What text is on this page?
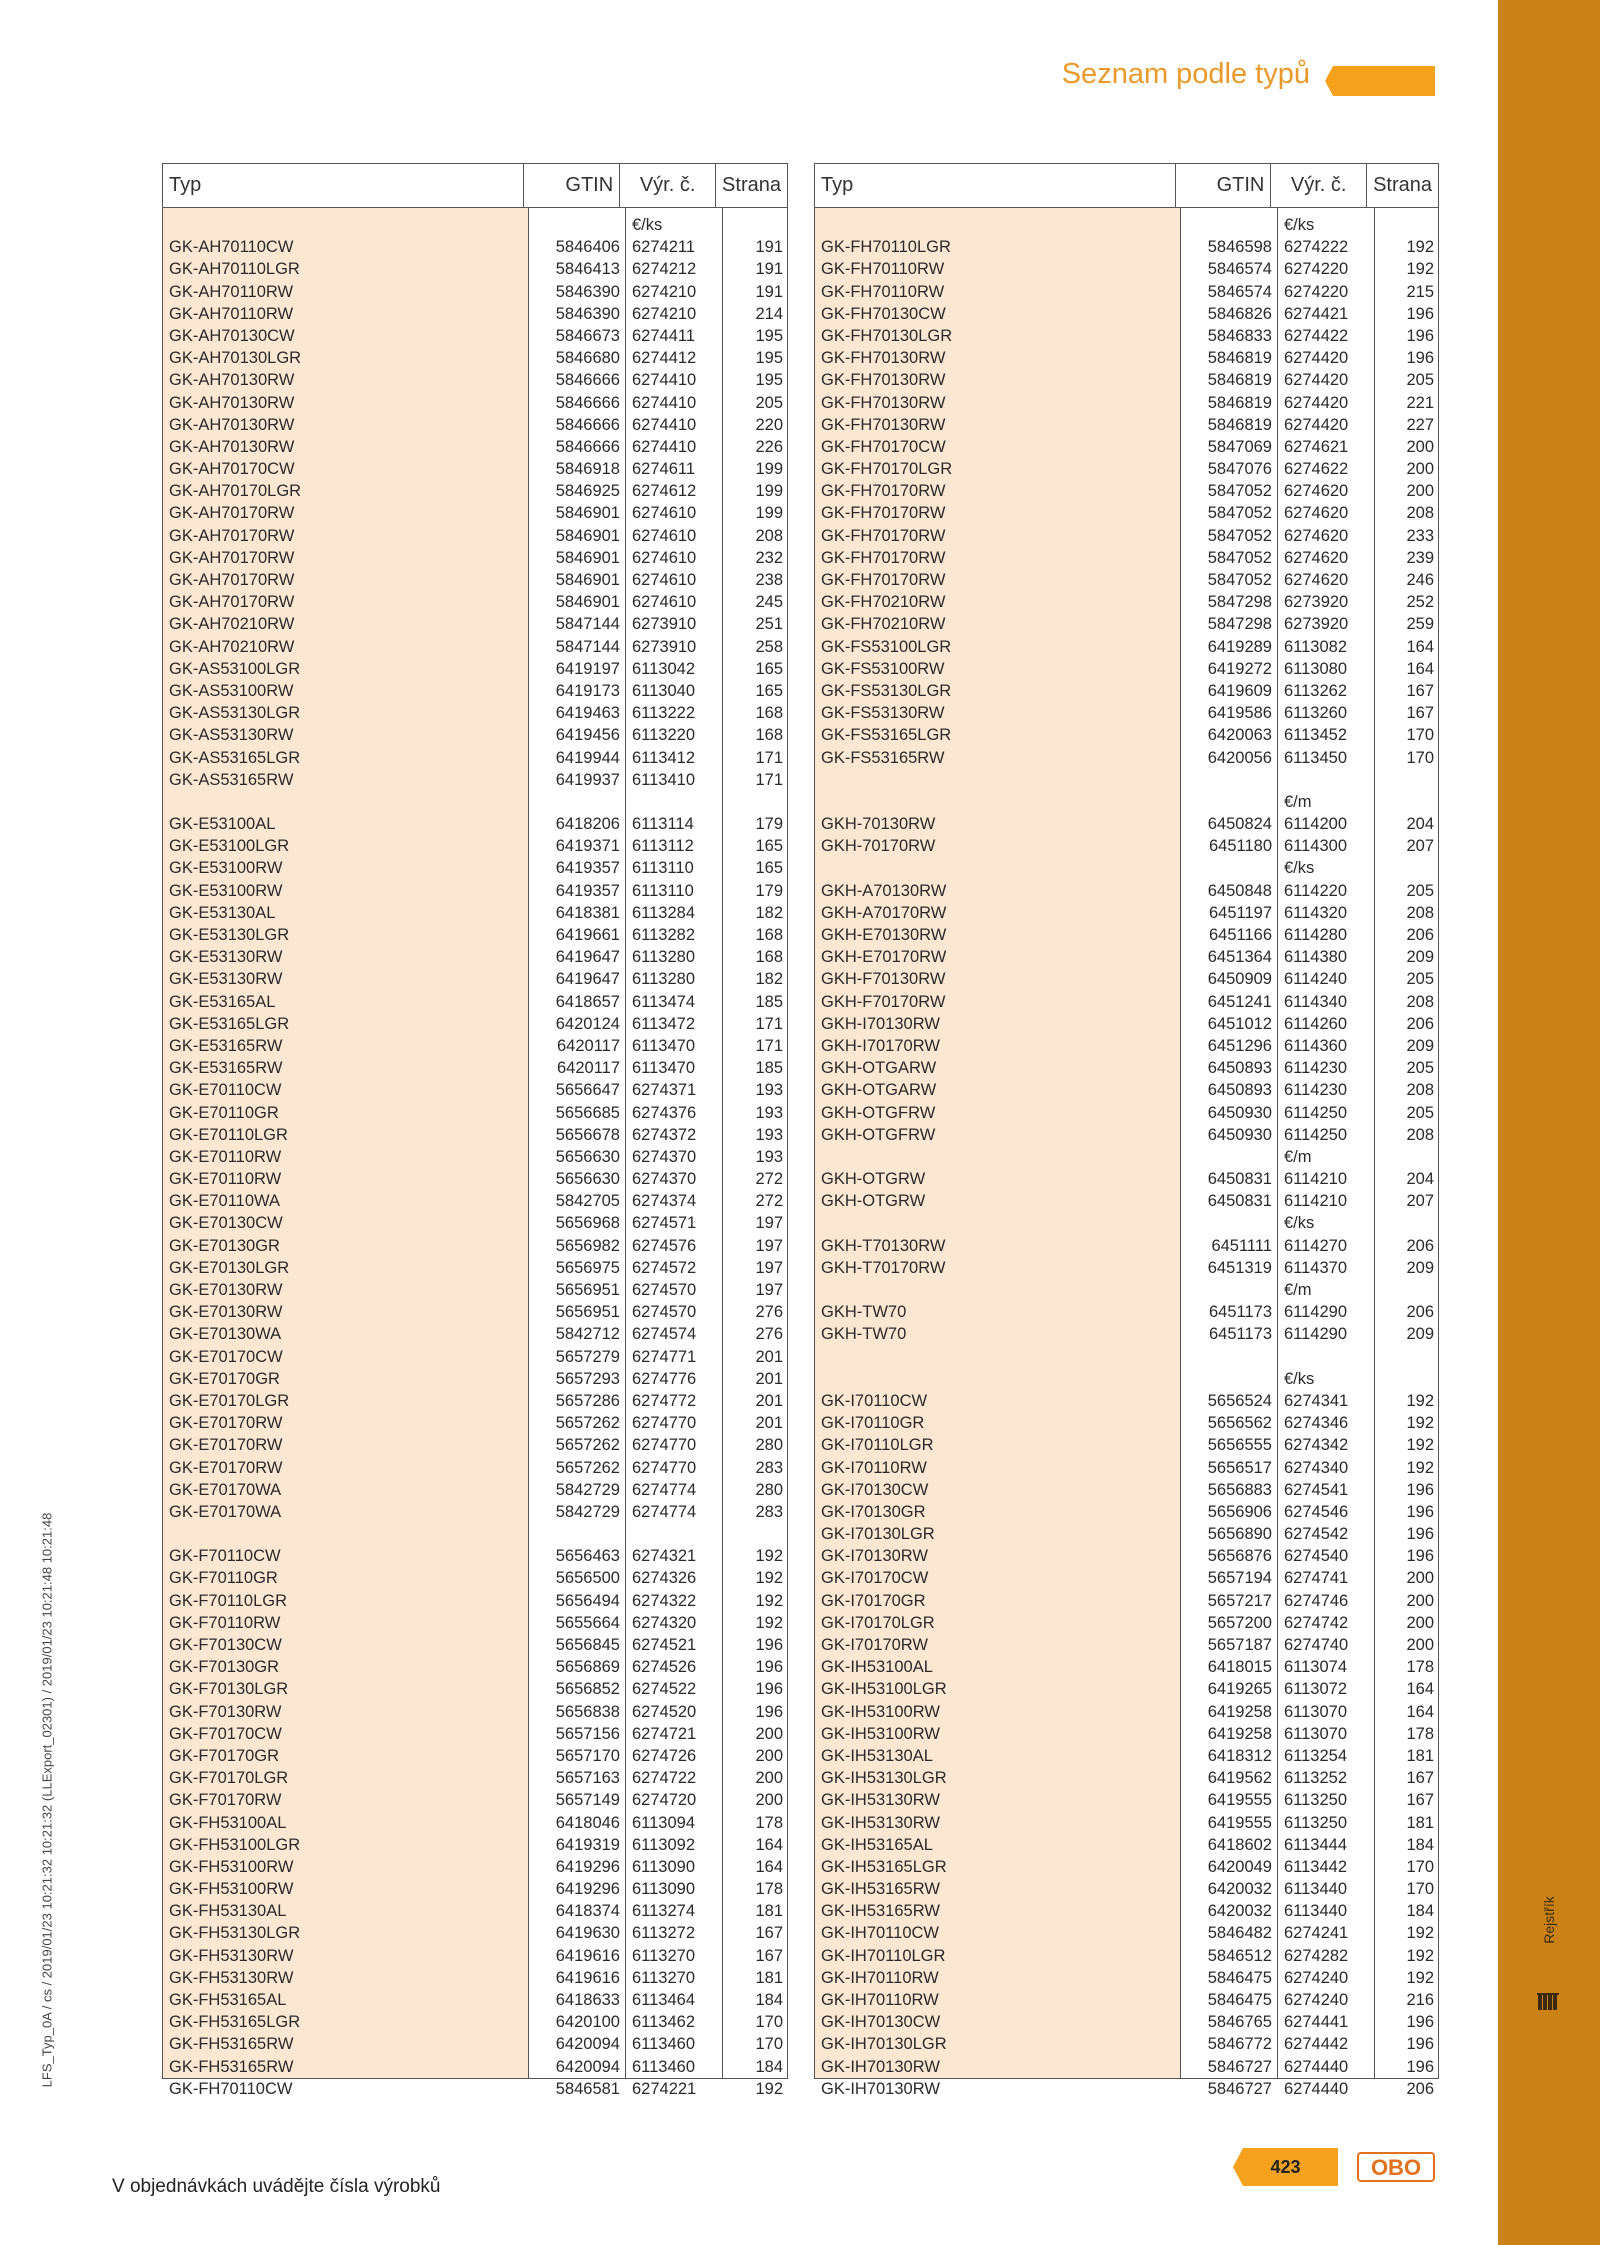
Rejstřík
Seznam podle typů
LFS_Typ_0A / cs / 2019/01/23 10:21:32 10:21:32 (LLExport_02301) / 2019/01/23 10:21:48 10:21:48
Typ	GTIN	Výr. č.	Strana
€/ks
GK-AH70110CW	5846406 6274211	191
GK-AH70110LGR	5846413 6274212	191
GK-AH70110RW	5846390 6274210	191
GK-AH70110RW	5846390 6274210	214
GK-AH70130CW	5846673 6274411	195
GK-AH70130LGR	5846680 6274412	195
GK-AH70130RW	5846666 6274410	195
GK-AH70130RW	5846666 6274410	205
GK-AH70130RW	5846666 6274410	220
GK-AH70130RW	5846666 6274410	226
GK-AH70170CW	5846918 6274611	199
GK-AH70170LGR	5846925 6274612	199
GK-AH70170RW	5846901 6274610	199
GK-AH70170RW	5846901 6274610	208
GK-AH70170RW	5846901 6274610	232
GK-AH70170RW	5846901 6274610	238
GK-AH70170RW	5846901 6274610	245
GK-AH70210RW	5847144 6273910	251
GK-AH70210RW	5847144 6273910	258
GK-AS53100LGR	6419197 6113042	165
GK-AS53100RW	6419173 6113040	165
GK-AS53130LGR	6419463 6113222	168
GK-AS53130RW	6419456 6113220	168
GK-AS53165LGR	6419944 6113412	171
GK-AS53165RW	6419937 6113410	171
GK-E53100AL	6418206 6113114	179
GK-E53100LGR	6419371 6113112	165
GK-E53100RW	6419357 6113110	165
GK-E53100RW	6419357 6113110	179
GK-E53130AL	6418381 6113284	182
GK-E53130LGR	6419661 6113282	168
GK-E53130RW	6419647 6113280	168
GK-E53130RW	6419647 6113280	182
GK-E53165AL	6418657 6113474	185
GK-E53165LGR	6420124 6113472	171
GK-E53165RW	6420117 6113470	171
GK-E53165RW	6420117 6113470	185
GK-E70110CW	5656647 6274371	193
GK-E70110GR	5656685 6274376	193
GK-E70110LGR	5656678 6274372	193
GK-E70110RW	5656630 6274370	193
GK-E70110RW	5656630 6274370	272
GK-E70110WA	5842705 6274374	272
GK-E70130CW	5656968 6274571	197
GK-E70130GR	5656982 6274576	197
GK-E70130LGR	5656975 6274572	197
GK-E70130RW	5656951 6274570	197
GK-E70130RW	5656951 6274570	276
GK-E70130WA	5842712 6274574	276
GK-E70170CW	5657279 6274771	201
GK-E70170GR	5657293 6274776	201
GK-E70170LGR	5657286 6274772	201
GK-E70170RW	5657262 6274770	201
GK-E70170RW	5657262 6274770	280
GK-E70170RW	5657262 6274770	283
GK-E70170WA	5842729 6274774	280
GK-E70170WA	5842729 6274774	283
GK-F70110CW	5656463 6274321	192
GK-F70110GR	5656500 6274326	192
GK-F70110LGR	5656494 6274322	192
GK-F70110RW	5655664 6274320	192
GK-F70130CW	5656845 6274521	196
GK-F70130GR	5656869 6274526	196
GK-F70130LGR	5656852 6274522	196
GK-F70130RW	5656838 6274520	196
GK-F70170CW	5657156 6274721	200
GK-F70170GR	5657170 6274726	200
GK-F70170LGR	5657163 6274722	200
GK-F70170RW	5657149 6274720	200
GK-FH53100AL	6418046 6113094	178
GK-FH53100LGR	6419319 6113092	164
GK-FH53100RW	6419296 6113090	164
GK-FH53100RW	6419296 6113090	178
GK-FH53130AL	6418374 6113274	181
GK-FH53130LGR	6419630 6113272	167
GK-FH53130RW	6419616 6113270	167
GK-FH53130RW	6419616 6113270	181
GK-FH53165AL	6418633 6113464	184
GK-FH53165LGR	6420100 6113462	170
GK-FH53165RW	6420094 6113460	170
GK-FH53165RW	6420094 6113460	184
GK-FH70110CW	5846581 6274221	192
Typ	GTIN	Výr. č.	Strana
€/ks
GK-FH70110LGR	5846598 6274222	192
GK-FH70110RW	5846574 6274220	192
GK-FH70110RW	5846574 6274220	215
GK-FH70130CW	5846826 6274421	196
GK-FH70130LGR	5846833 6274422	196
GK-FH70130RW	5846819 6274420	196
GK-FH70130RW	5846819 6274420	205
GK-FH70130RW	5846819 6274420	221
GK-FH70130RW	5846819 6274420	227
GK-FH70170CW	5847069 6274621	200
GK-FH70170LGR	5847076 6274622	200
GK-FH70170RW	5847052 6274620	200
GK-FH70170RW	5847052 6274620	208
GK-FH70170RW	5847052 6274620	233
GK-FH70170RW	5847052 6274620	239
GK-FH70170RW	5847052 6274620	246
GK-FH70210RW	5847298 6273920	252
GK-FH70210RW	5847298 6273920	259
GK-FS53100LGR	6419289 6113082	164
GK-FS53100RW	6419272 6113080	164
GK-FS53130LGR	6419609 6113262	167
GK-FS53130RW	6419586 6113260	167
GK-FS53165LGR	6420063 6113452	170
GK-FS53165RW	6420056 6113450	170
€/m
GKH-70130RW	6450824 6114200	204
GKH-70170RW	6451180 6114300	207
€/ks
GKH-A70130RW	6450848 6114220	205
GKH-A70170RW	6451197 6114320	208
GKH-E70130RW	6451166 6114280	206
GKH-E70170RW	6451364 6114380	209
GKH-F70130RW	6450909 6114240	205
GKH-F70170RW	6451241 6114340	208
GKH-I70130RW	6451012 6114260	206
GKH-I70170RW	6451296 6114360	209
GKH-OTGARW	6450893 6114230	205
GKH-OTGARW	6450893 6114230	208
GKH-OTGFRW	6450930 6114250	205
GKH-OTGFRW	6450930 6114250	208
€/m
GKH-OTGRW	6450831 6114210	204
GKH-OTGRW	6450831 6114210	207
€/ks
GKH-T70130RW	6451111 6114270	206
GKH-T70170RW	6451319 6114370	209
€/m
GKH-TW70	6451173 6114290	206
GKH-TW70	6451173 6114290	209
€/ks
GK-I70110CW	5656524 6274341	192
GK-I70110GR	5656562 6274346	192
GK-I70110LGR	5656555 6274342	192
GK-I70110RW	5656517 6274340	192
GK-I70130CW	5656883 6274541	196
GK-I70130GR	5656906 6274546	196
GK-I70130LGR	5656890 6274542	196
GK-I70130RW	5656876 6274540	196
GK-I70170CW	5657194 6274741	200
GK-I70170GR	5657217 6274746	200
GK-I70170LGR	5657200 6274742	200
GK-I70170RW	5657187 6274740	200
GK-IH53100AL	6418015 6113074	178
GK-IH53100LGR	6419265 6113072	164
GK-IH53100RW	6419258 6113070	164
GK-IH53100RW	6419258 6113070	178
GK-IH53130AL	6418312 6113254	181
GK-IH53130LGR	6419562 6113252	167
GK-IH53130RW	6419555 6113250	167
GK-IH53130RW	6419555 6113250	181
GK-IH53165AL	6418602 6113444	184
GK-IH53165LGR	6420049 6113442	170
GK-IH53165RW	6420032 6113440	170
GK-IH53165RW	6420032 6113440	184
GK-IH70110CW	5846482 6274241	192
GK-IH70110LGR	5846512 6274282	192
GK-IH70110RW	5846475 6274240	192
GK-IH70110RW	5846475 6274240	216
GK-IH70130CW	5846765 6274441	196
GK-IH70130LGR	5846772 6274442	196
GK-IH70130RW	5846727 6274440	196
GK-IH70130RW	5846727 6274440	206
V objednávkách uvádějte čísla výrobků
423	OBO
